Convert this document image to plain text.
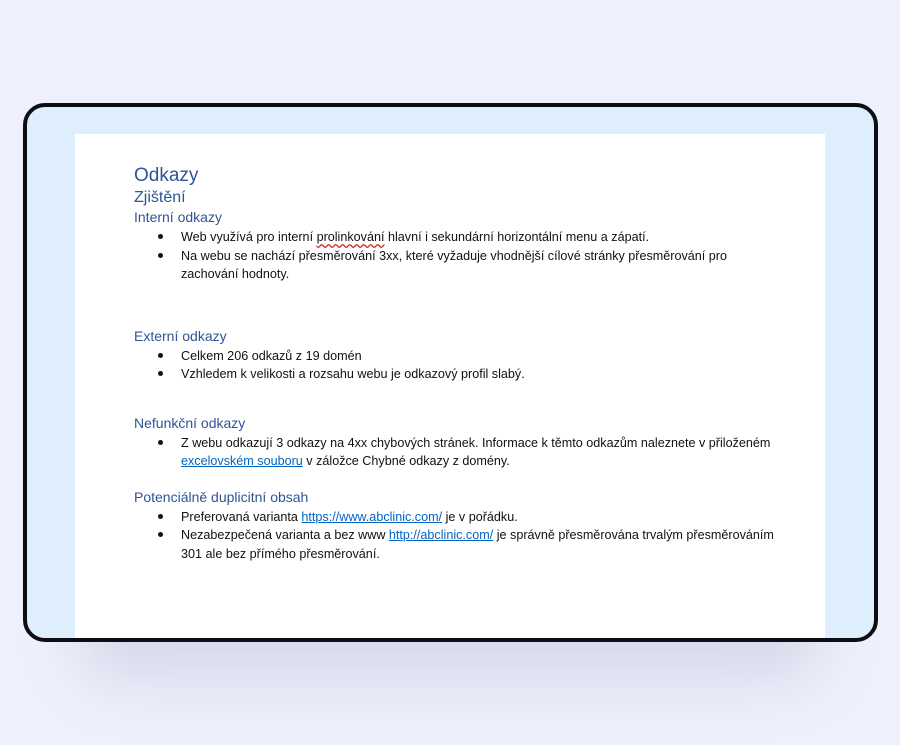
Odkazy
Zjištění
Interní odkazy
Web využívá pro interní prolinkování hlavní i sekundární horizontální menu a zápatí.
Na webu se nachází přesměrování 3xx, které vyžaduje vhodnější cílové stránky přesměrování pro zachování hodnoty.
Externí odkazy
Celkem 206 odkazů z 19 domén
Vzhledem k velikosti a rozsahu webu je odkazový profil slabý.
Nefunkční odkazy
Z webu odkazují 3 odkazy na 4xx chybových stránek. Informace k těmto odkazům naleznete v přiloženém excelovském souboru v záložce Chybné odkazy z domény.
Potenciálně duplicitní obsah
Preferovaná varianta https://www.abclinic.com/ je v pořádku.
Nezabezpečená varianta a bez www http://abclinic.com/ je správně přesměrována trvalým přesměrováním 301 ale bez přímého přesměrování.
